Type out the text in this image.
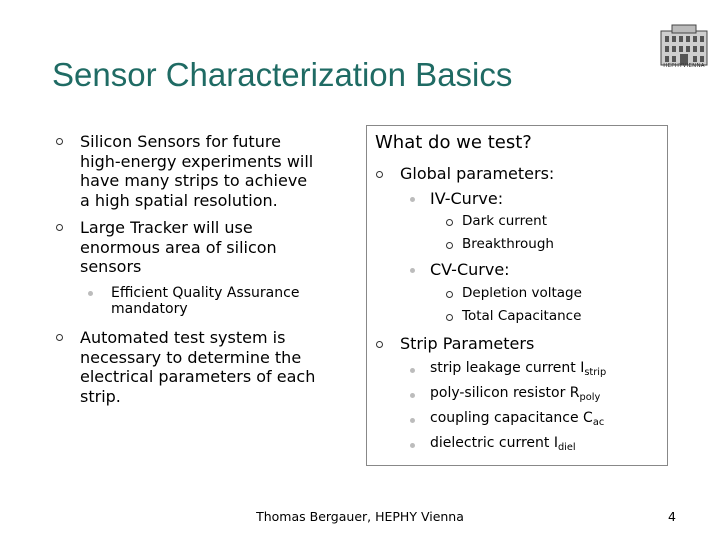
Sensor Characterization Basics	HEPHYVIENNA
Silicon Sensors for future
high-energy experiments will
have many strips to achieve
a high spatial resolution.
Large Tracker will use
enormous area of silicon
sensors
Efficient Quality Assurance
mandatory
Automated test system is
necessary to determine the
electrical parameters of each
strip.
What do we test?
Global parameters:
IV-Curve:
Dark current
Breakthrough
CV-Curve:
Depletion voltage
Total Capacitance
Strip Parameters
strip leakage current $I_{strip}$
poly-silicon resistor $R_{poly}$
coupling capacitance $C_{ac}$
dielectric current $I_{diel}$
Thomas Bergauer, HEPHY Vienna	4
